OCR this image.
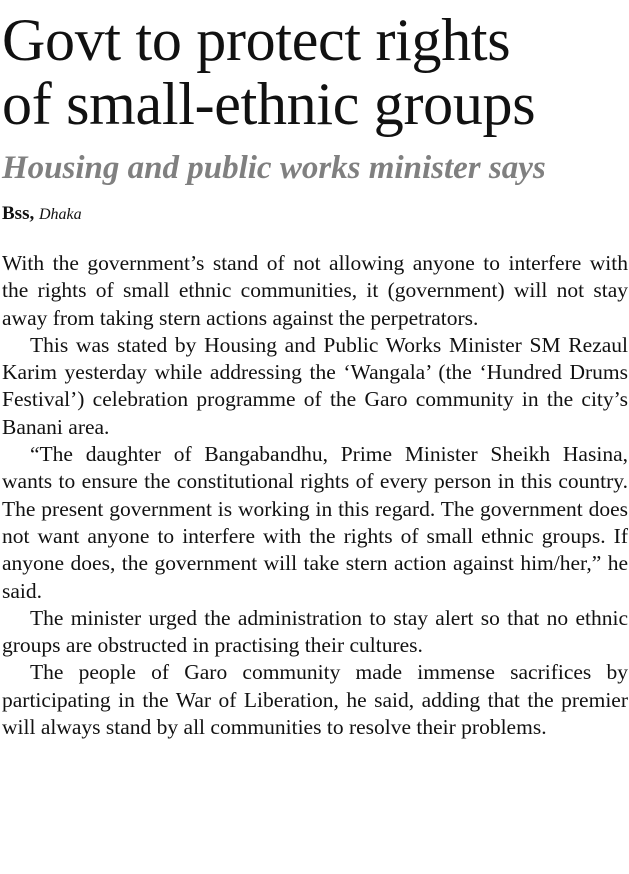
Govt to protect rights
of small-ethnic groups
Housing and public works minister says
Bss, Dhaka

With the government’s stand of not allowing anyone to interfere with the rights of small ethnic communities, it (government) will not stay away from taking stern actions against the perpetrators.

This was stated by Housing and Public Works Minister SM Rezaul Karim yesterday while addressing the ‘Wangala’ (the ‘Hundred Drums Festival’) celebration programme of the Garo community in the city’s Banani area.

“The daughter of Bangabandhu, Prime Minister Sheikh Hasina, wants to ensure the constitutional rights of every person in this country. The present government is working in this regard. The government does not want anyone to interfere with the rights of small ethnic groups. If anyone does, the government will take stern action against him/her,” he said.

The minister urged the administration to stay alert so that no ethnic groups are obstructed in practising their cultures.

The people of Garo community made immense sacrifices by participating in the War of Liberation, he said, adding that the premier will always stand by all communities to resolve their problems.
